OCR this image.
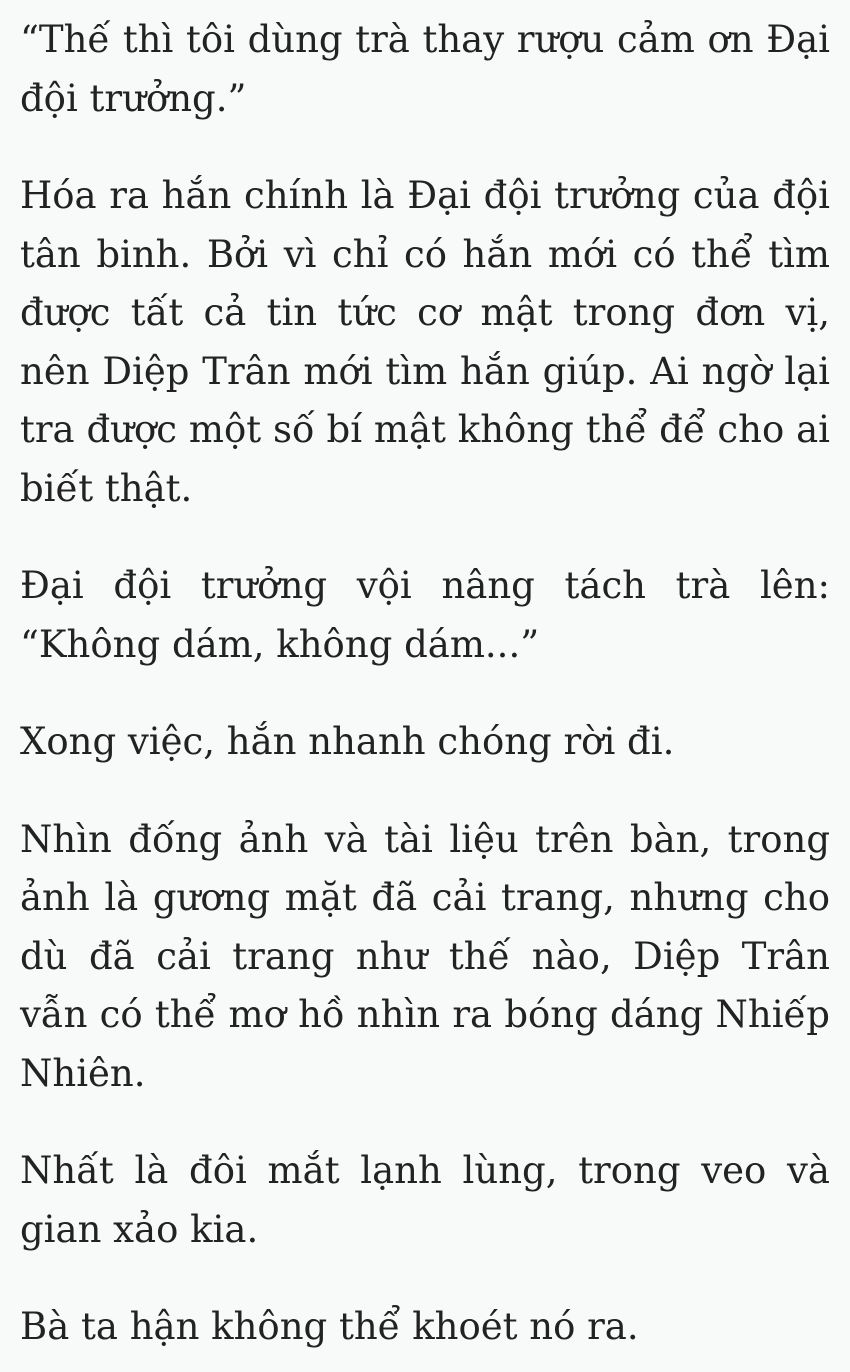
“Thế thì tôi dùng trà thay rượu cảm ơn Đại đội trưởng.”

Hóa ra hắn chính là Đại đội trưởng của đội tân binh. Bởi vì chỉ có hắn mới có thể tìm được tất cả tin tức cơ mật trong đơn vị, nên Diệp Trân mới tìm hắn giúp. Ai ngờ lại tra được một số bí mật không thể để cho ai biết thật.

Đại đội trưởng vội nâng tách trà lên: “Không dám, không dám...”

Xong việc, hắn nhanh chóng rời đi.

Nhìn đống ảnh và tài liệu trên bàn, trong ảnh là gương mặt đã cải trang, nhưng cho dù đã cải trang như thế nào, Diệp Trân vẫn có thể mơ hồ nhìn ra bóng dáng Nhiếp Nhiên.

Nhất là đôi mắt lạnh lùng, trong veo và gian xảo kia.

Bà ta hận không thể khoét nó ra.
